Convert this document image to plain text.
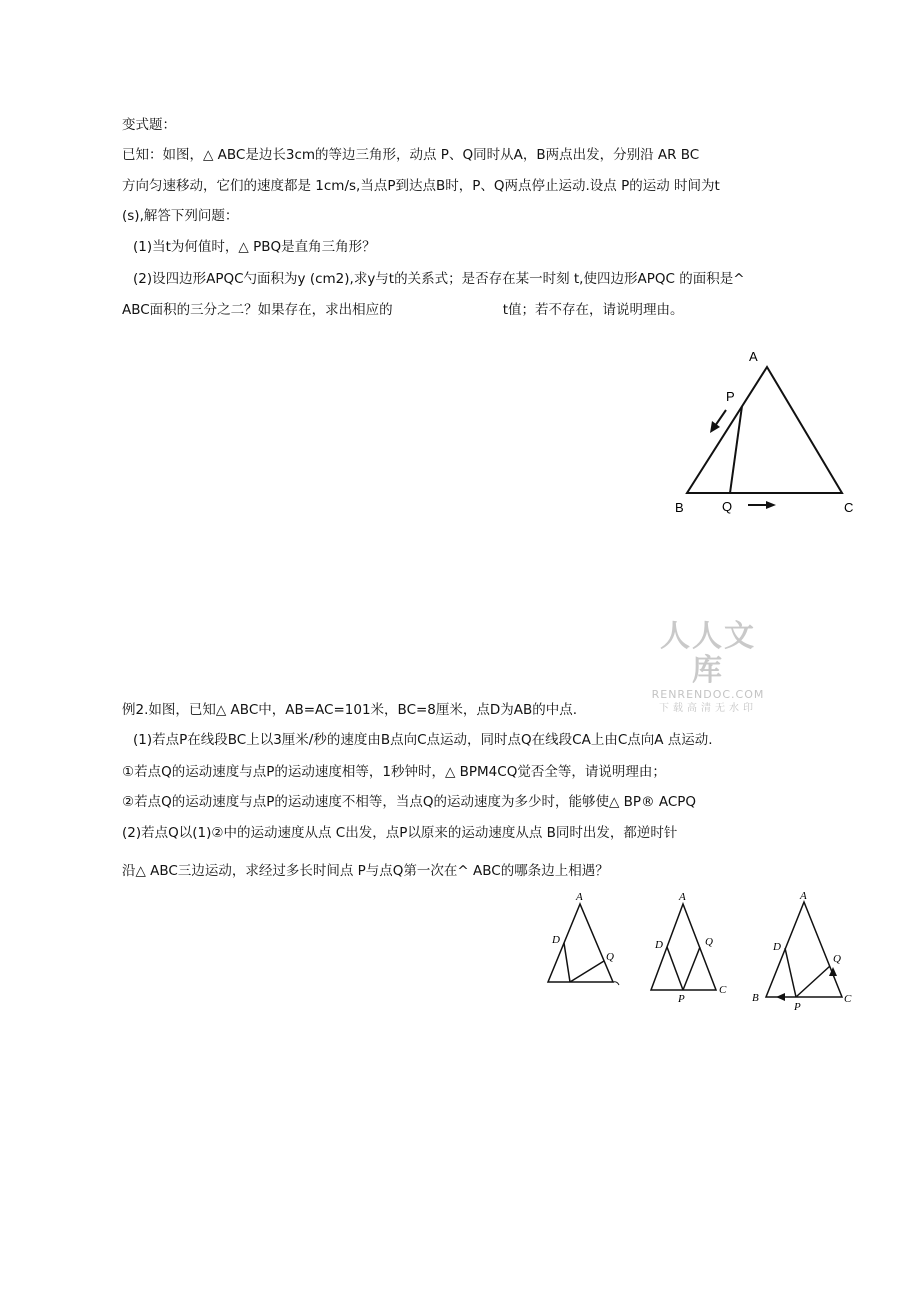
变式题：
已知：如图，△ ABC是边长3cm的等边三角形，动点 P、Q同时从A，B两点出发，分别沿 AR BC
方向匀速移动，它们的速度都是 1cm/s,当点P到达点B时，P、Q两点停止运动.设点 P的运动 时间为t
(s),解答下列问题：
(1)当t为何值时，△ PBQ是直角三角形？
(2)设四边形APQC勺面积为y (cm2),求y与t的关系式；是否存在某一时刻 t,使四边形APQC 的面积是^
ABC面积的三分之二？如果存在，求出相应的	t值；若不存在，请说明理由。
A
P
B	Q	C
人人文库
RENRENDOC.COM
下载高清无水印
例2.如图，已知△ ABC中，AB=AC=101米，BC=8厘米，点D为AB的中点.
(1)若点P在线段BC上以3厘米/秒的速度由B点向C点运动，同时点Q在线段CA上由C点向A 点运动.
①若点Q的运动速度与点P的运动速度相等，1秒钟时，△ BPM4CQ觉否全等，请说明理由；
②若点Q的运动速度与点P的运动速度不相等，当点Q的运动速度为多少时，能够使△ BP® ACPQ
(2)若点Q以(1)②中的运动速度从点 C出发，点P以原来的运动速度从点 B同时出发，都逆时针
沿△ ABC三边运动，求经过多长时间点 P与点Q第一次在^ ABC的哪条边上相遇？
A
D
Q
A
D	Q
P
C
A
D
Q
B
P
C
